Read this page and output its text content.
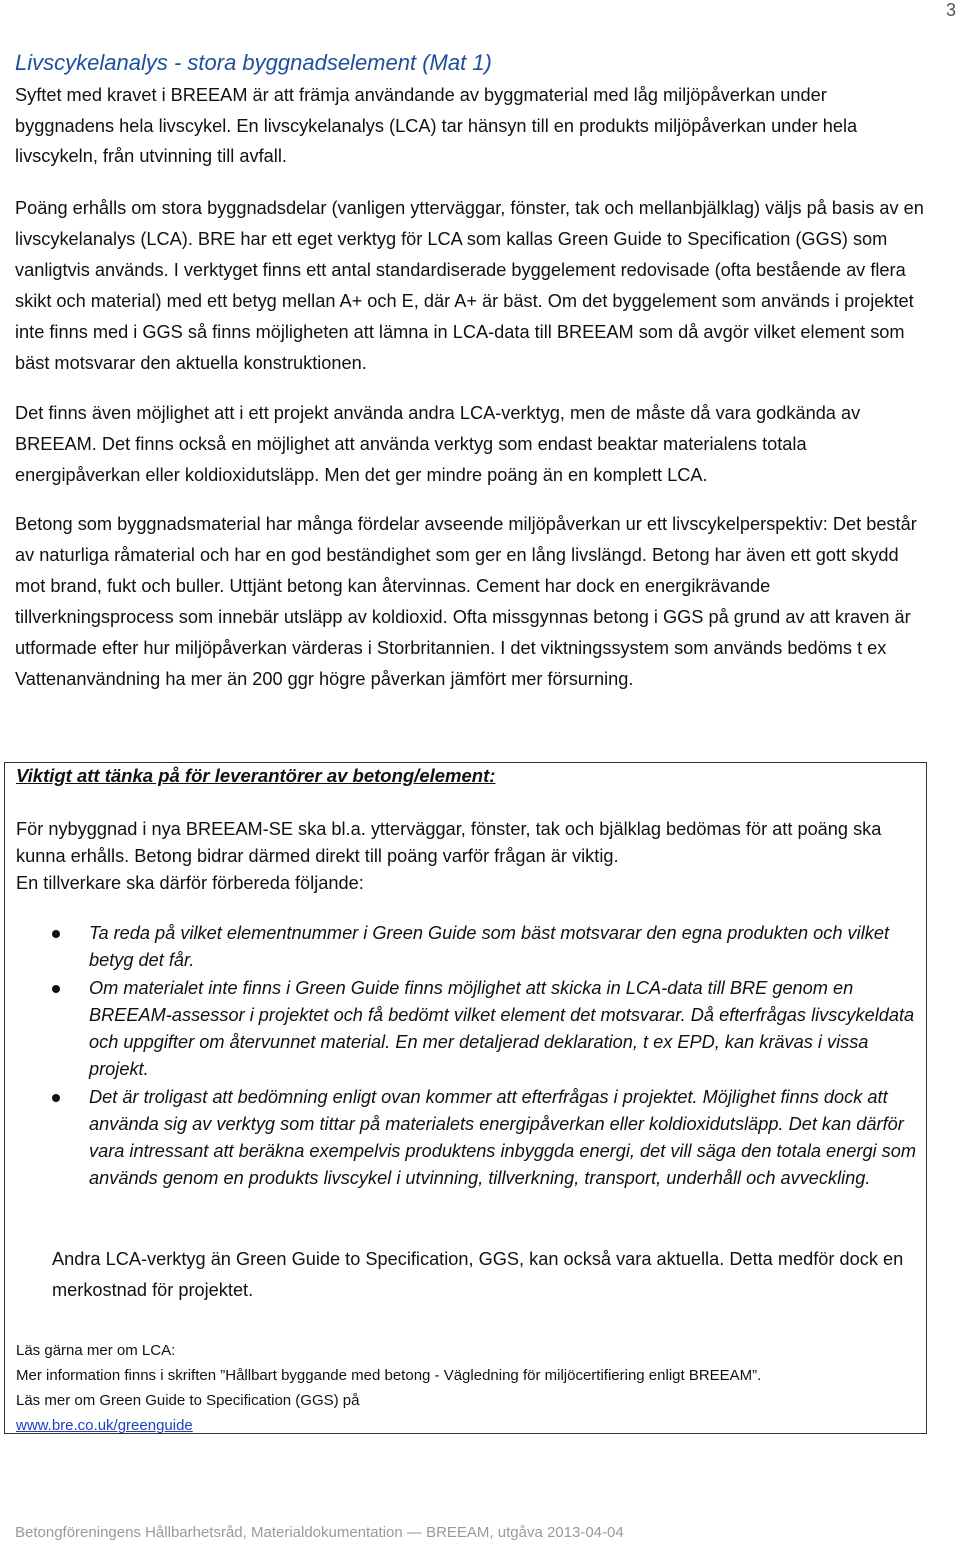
3
Livscykelanalys - stora byggnadselement (Mat 1)

Syftet med kravet i BREEAM är att främja användande av byggmaterial med låg miljöpåverkan under byggnadens hela livscykel. En livscykelanalys (LCA) tar hänsyn till en produkts miljöpåverkan under hela livscykeln, från utvinning till avfall.

Poäng erhålls om stora byggnadsdelar (vanligen ytterväggar, fönster, tak och mellanbjälklag) väljs på basis av en livscykelanalys (LCA). BRE har ett eget verktyg för LCA som kallas Green Guide to Specification (GGS) som vanligtvis används. I verktyget finns ett antal standardiserade byggelement redovisade (ofta bestående av flera skikt och material) med ett betyg mellan A+ och E, där A+ är bäst. Om det byggelement som används i projektet inte finns med i GGS så finns möjligheten att lämna in LCA-data till BREEAM som då avgör vilket element som bäst motsvarar den aktuella konstruktionen.

Det finns även möjlighet att i ett projekt använda andra LCA-verktyg, men de måste då vara godkända av BREEAM. Det finns också en möjlighet att använda verktyg som endast beaktar materialens totala energipåverkan eller koldioxidutsläpp. Men det ger mindre poäng än en komplett LCA.

Betong som byggnadsmaterial har många fördelar avseende miljöpåverkan ur ett livscykelperspektiv: Det består av naturliga råmaterial och har en god beständighet som ger en lång livslängd. Betong har även ett gott skydd mot brand, fukt och buller. Uttjänt betong kan återvinnas. Cement har dock en energikrävande tillverkningsprocess som innebär utsläpp av koldioxid. Ofta missgynnas betong i GGS på grund av att kraven är utformade efter hur miljöpåverkan värderas i Storbritannien. I det viktningssystem som används bedöms t ex Vattenanvändning ha mer än 200 ggr högre påverkan jämfört mer försurning.

Viktigt att tänka på för leverantörer av betong/element:

För nybyggnad i nya BREEAM-SE ska bl.a. ytterväggar, fönster, tak och bjälklag bedömas för att poäng ska kunna erhålls. Betong bidrar därmed direkt till poäng varför frågan är viktig.
En tillverkare ska därför förbereda följande:

Ta reda på vilket elementnummer i Green Guide som bäst motsvarar den egna produkten och vilket betyg det får.
Om materialet inte finns i Green Guide finns möjlighet att skicka in LCA-data till BRE genom en BREEAM-assessor i projektet och få bedömt vilket element det motsvarar. Då efterfrågas livscykeldata och uppgifter om återvunnet material. En mer detaljerad deklaration, t ex EPD, kan krävas i vissa projekt.
Det är troligast att bedömning enligt ovan kommer att efterfrågas i projektet. Möjlighet finns dock att använda sig av verktyg som tittar på materialets energipåverkan eller koldioxidutsläpp. Det kan därför vara intressant att beräkna exempelvis produktens inbyggda energi, det vill säga den totala energi som används genom en produkts livscykel i utvinning, tillverkning, transport, underhåll och avveckling.

Andra LCA-verktyg än Green Guide to Specification, GGS, kan också vara aktuella. Detta medför dock en merkostnad för projektet.

Läs gärna mer om LCA:
Mer information finns i skriften ”Hållbart byggande med betong - Vägledning för miljöcertifiering enligt BREEAM”.
Läs mer om Green Guide to Specification (GGS) på
www.bre.co.uk/greenguide

Betongföreningens Hållbarhetsråd, Materialdokumentation — BREEAM, utgåva 2013-04-04
